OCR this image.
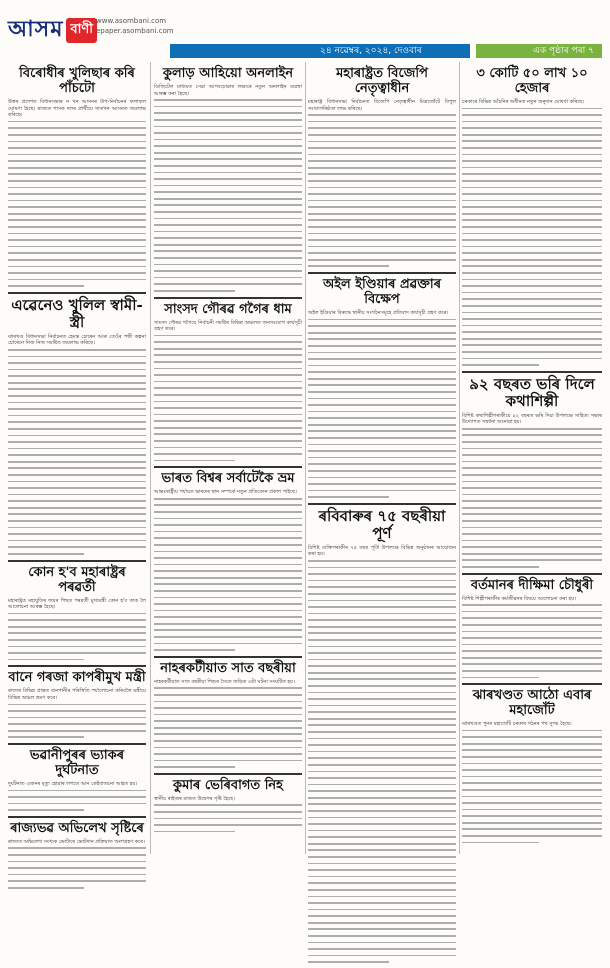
আসম বাণী
www.asombani.com
epaper.asombani.com
২৪ নৱেম্বৰ, ২০২৪, দেওবাৰ	এক পৃষ্ঠাৰ পৰা ৭
বিৰোধীৰ খুলিছাৰ কৰি পাঁচটো

উত্তৰ প্ৰদেশত বিধানসভাৰ ন খন আসনৰ উপ-নিৰ্বাচনৰ ফলাফল ঘোষণা হৈছে। ৰাজ্যত শাসক দলৰ প্ৰাৰ্থীয়ে সাতখন আসনত জয়লাভ কৰিছে।

এৱেনেও খুলিল স্বামী-স্ত্ৰী

ঝাৰখণ্ড বিধানসভা নিৰ্বাচনত হেমন্ত চোৰেন আৰু তেওঁৰ পত্নী কল্পনা চোৰেনে নিজ নিজ সমষ্টিত জয়লাভ কৰিছে।

কোন হ'ব মহাৰাষ্ট্ৰৰ পৰৱৰ্তী

মহাৰাষ্ট্ৰত মহাযুতিৰ জয়ৰ পিছত পৰৱৰ্তী মুখ্যমন্ত্ৰী কোন হ'ব তাক লৈ আলোচনা আৰম্ভ হৈছে।

বানে গৰজা কাপৰীমুখ মন্ত্ৰী

ৰাজ্যৰ বিভিন্ন প্ৰান্তত বানপানীৰ পৰিস্থিতি পৰ্যালোচনা কৰিবলৈ মন্ত্ৰীয়ে বিভিন্ন অঞ্চল ভ্ৰমণ কৰে।

ভৱানীপুৰৰ ভ্যাকৰ দুৰ্ঘটনাত

দুৰ্ঘটনাত এজনৰ মৃত্যু হোৱাৰ লগতে আন কেইবাজনো আহত হয়।

ৰাজ্যভৱ অভিলেখ সৃষ্টিৰে

ৰাজ্যত অভিলেখ সংখ্যক ভোটাৰে ভোটদান প্ৰক্ৰিয়াত অংশগ্ৰহণ কৰে।

কুলাড় আহিয়ো অনলাইন

ডিজিটেল মাধ্যমত সেৱা আগবঢ়োৱাৰ লক্ষ্যৰে নতুন অনলাইন ব্যৱস্থা আৰম্ভ কৰা হৈছে।

সাংসদ গৌৰৱ গগৈৰ ধাম

সাংসদ গৌৰৱ গগৈয়ে নিৰ্বাচনী সমষ্টিৰ বিভিন্ন অঞ্চলত জনসংযোগ কাৰ্যসূচী গ্ৰহণ কৰে।

ভাৰত বিশ্বৰ সৰ্বাটেকৈ ভ্ৰম

আন্তঃৰাষ্ট্ৰীয় পৰ্যায়ত ভাৰতৰ স্থান সম্পৰ্কে নতুন প্ৰতিবেদন প্ৰকাশ পাইছে।

নাহৰকটীয়াত সাত বছৰীয়া

নাহৰকটীয়াত সাত বছৰীয়া শিশুৰ সৈতে জড়িত এটা ঘটনা সংঘটিত হয়।

কুমাৰ ভেৰিবাগত নিহ

স্থানীয় ৰাইজৰ মাজত উদ্বেগৰ সৃষ্টি হৈছে।

মহাৰাষ্ট্ৰত বিজেপি নেতৃত্বাধীন

মহাৰাষ্ট্ৰ বিধানসভা নিৰ্বাচনত বিজেপি নেতৃত্বাধীন মিত্ৰজোঁটে বিপুল সংখ্যাগৰিষ্ঠতা লাভ কৰিছে।

অইল ইণ্ডিয়াৰ প্ৰৱক্তাৰ বিক্ষেপ

অইল ইণ্ডিয়াৰ বিৰুদ্ধে স্থানীয় সংগঠনসমূহে প্ৰতিবাদ কাৰ্যসূচী গ্ৰহণ কৰে।

ৰবিবাৰুৰ ৭৫ বছৰীয়া পূৰ্ণ

বিশিষ্ট ব্যক্তিগৰাকীৰ ৭৫ বছৰ পূৰ্তি উপলক্ষে বিভিন্ন অনুষ্ঠানৰ আয়োজন কৰা হয়।

৩ কোটি ৫০ লাখ ১০ হেজাৰ

চৰকাৰে বিভিন্ন আঁচনিৰ অধীনত নতুন অনুদান ঘোষণা কৰিছে।

৯২ বছৰত ভৰি দিলে কথাশিল্পী

বিশিষ্ট কথাশিল্পীগৰাকীয়ে ৯২ বছৰত ভৰি দিয়া উপলক্ষে সাহিত্য সভাৰ উদ্যোগত সম্বৰ্ধনা জনোৱা হয়।

বৰ্তমানৰ দীক্ষিমা চৌধুৰী

বিশিষ্ট শিল্পীগৰাকীৰ কৰ্মজীৱনৰ বিষয়ে আলোচনা কৰা হয়।

ঝাৰখণ্ডত আঠো এবাৰ মহাজোঁট

ঝাৰখণ্ডত পুনৰ মহাজোঁট চৰকাৰ গঠনৰ পথ সুগম হৈছে।
